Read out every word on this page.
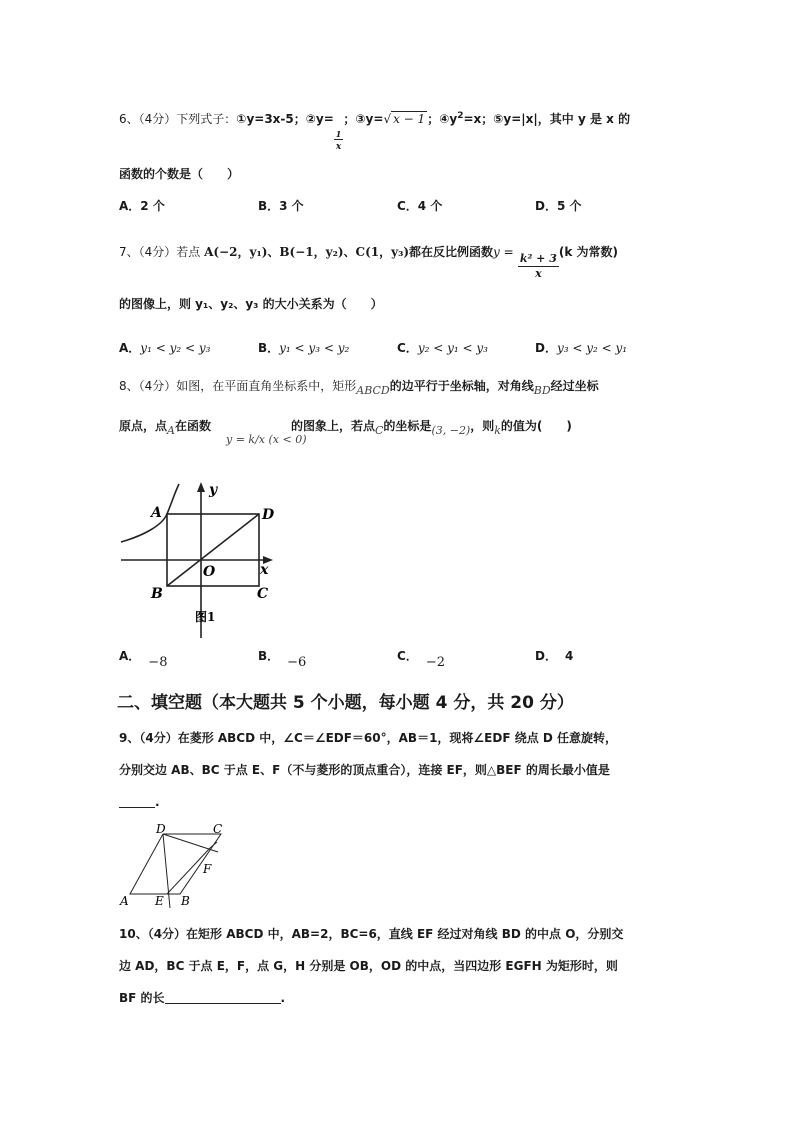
6、（4分）下列式子：①y=3x-5；②y=
$\frac{1}{x}$
；③y=√ x − 1 ；$④y^2=x$；⑤y=|x|，其中 y 是 x 的
函数的个数是（　　）
A．2 个	B．3 个	C．4 个	D．5 个
7、（4分）若点 A(−2，y₁)、B(−1，y₂)、C(1，y₃)都在反比例函数$y = \frac{\text{k² + 3}}{x} (k$ 为常数)
的图像上，则 y₁、y₂、y₃ 的大小关系为（　　）
A．y₁ < y₂ < y₃	B．y₁ < y₃ < y₂	C．y₂ < y₁ < y₃	D．y₃ < y₂ < y₁
8、（4分）如图，在平面直角坐标系中，矩形ABCD的边平行于坐标轴，对角线BD经过坐标
原点，点A在函数	的图象上，若点C的坐标是(3, −2)，则k的值为(　　)
y = k/x (x < 0)
y
x
A
B	C
D
O
图1
A． −8	B． −6	C． −2	D． 4
二、填空题（本大题共 5 个小题，每小题 4 分，共 20 分）
9、（4分）在菱形 ABCD 中，∠C＝∠EDF＝60°，AB＝1，现将∠EDF 绕点 D 任意旋转，
分别交边 AB、BC 于点 E、F（不与菱形的顶点重合），连接 EF，则△BEF 的周长最小值是
.
A	B
C
D
E
F
10、（4分）在矩形 ABCD 中，AB=2，BC=6，直线 EF 经过对角线 BD 的中点 O，分别交
边 AD，BC 于点 E，F，点 G，H 分别是 OB，OD 的中点，当四边形 EGFH 为矩形时，则
BF 的长	.
